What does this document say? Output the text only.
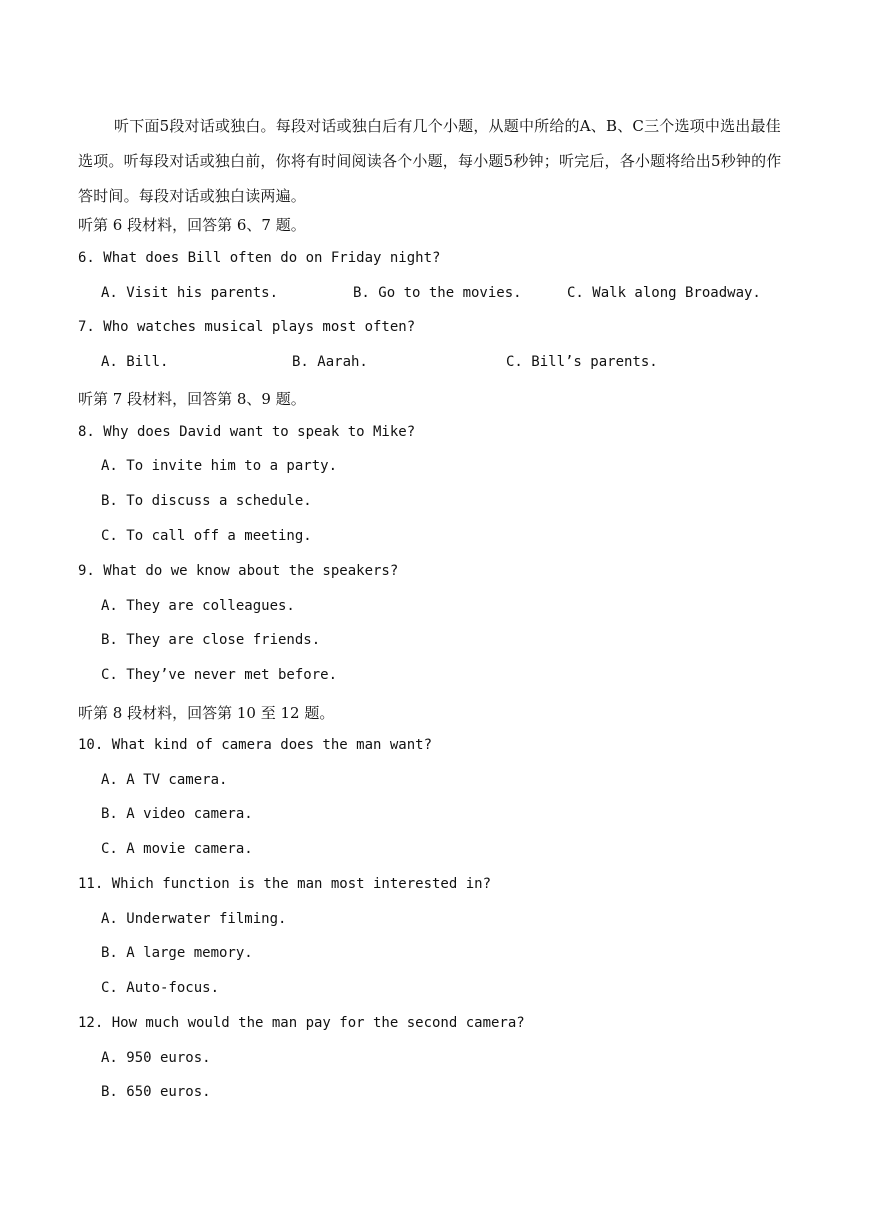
听下面5段对话或独白。每段对话或独白后有几个小题，从题中所给的A、B、C三个选项中选出最佳选项。听每段对话或独白前，你将有时间阅读各个小题，每小题5秒钟；听完后，各小题将给出5秒钟的作答时间。每段对话或独白读两遍。
听第 6 段材料，回答第 6、7 题。
6. What does Bill often do on Friday night?
A. Visit his parents.	B. Go to the movies.	C. Walk along Broadway.
7. Who watches musical plays most often?
A. Bill.	B. Aarah.	C. Bill’s parents.
听第 7 段材料，回答第 8、9 题。
8. Why does David want to speak to Mike?
A. To invite him to a party.
B. To discuss a schedule.
C. To call off a meeting.
9. What do we know about the speakers?
A. They are colleagues.
B. They are close friends.
C. They’ve never met before.
听第 8 段材料，回答第 10 至 12 题。
10. What kind of camera does the man want?
A. A TV camera.
B. A video camera.
C. A movie camera.
11. Which function is the man most interested in?
A. Underwater filming.
B. A large memory.
C. Auto-focus.
12. How much would the man pay for the second camera?
A. 950 euros.
B. 650 euros.
